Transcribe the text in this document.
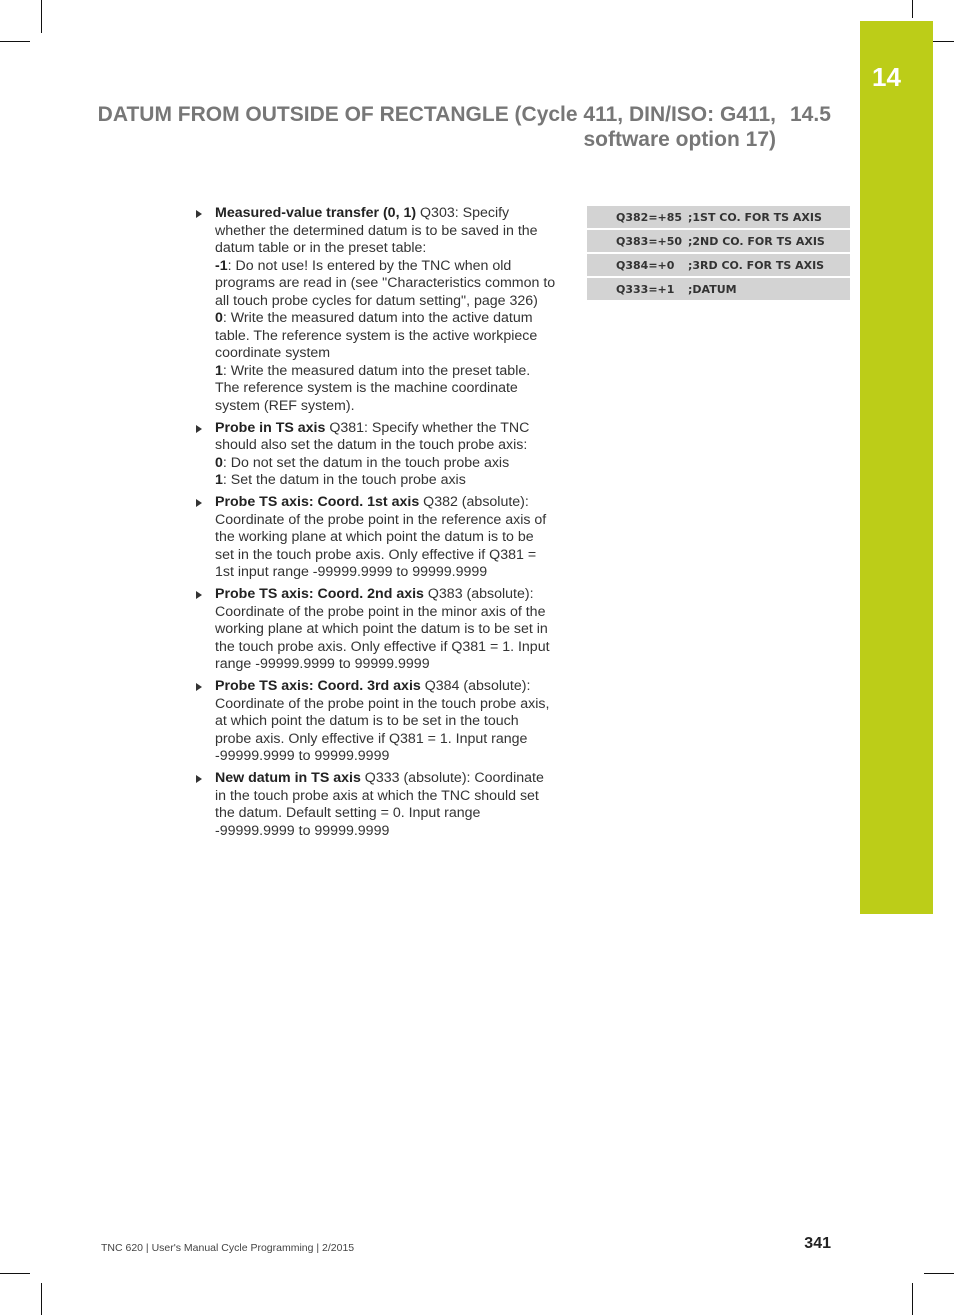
14
DATUM FROM OUTSIDE OF RECTANGLE (Cycle 411, DIN/ISO: G411,
software option 17)
14.5
Measured-value transfer (0, 1) Q303: Specify whether the determined datum is to be saved in the datum table or in the preset table:
-1: Do not use! Is entered by the TNC when old programs are read in (see "Characteristics common to all touch probe cycles for datum setting", page 326)
0: Write the measured datum into the active datum table. The reference system is the active workpiece coordinate system
1: Write the measured datum into the preset table. The reference system is the machine coordinate system (REF system).
Probe in TS axis Q381: Specify whether the TNC should also set the datum in the touch probe axis:
0: Do not set the datum in the touch probe axis
1: Set the datum in the touch probe axis
Probe TS axis: Coord. 1st axis Q382 (absolute): Coordinate of the probe point in the reference axis of the working plane at which point the datum is to be set in the touch probe axis. Only effective if Q381 = 1st input range -99999.9999 to 99999.9999
Probe TS axis: Coord. 2nd axis Q383 (absolute): Coordinate of the probe point in the minor axis of the working plane at which point the datum is to be set in the touch probe axis. Only effective if Q381 = 1. Input range -99999.9999 to 99999.9999
Probe TS axis: Coord. 3rd axis Q384 (absolute): Coordinate of the probe point in the touch probe axis, at which point the datum is to be set in the touch probe axis. Only effective if Q381 = 1. Input range -99999.9999 to 99999.9999
New datum in TS axis Q333 (absolute): Coordinate in the touch probe axis at which the TNC should set the datum. Default setting = 0. Input range -99999.9999 to 99999.9999
Q382=+85	;1ST CO. FOR TS AXIS
Q383=+50	;2ND CO. FOR TS AXIS
Q384=+0	;3RD CO. FOR TS AXIS
Q333=+1	;DATUM
TNC 620 | User's Manual Cycle Programming | 2/2015	341
